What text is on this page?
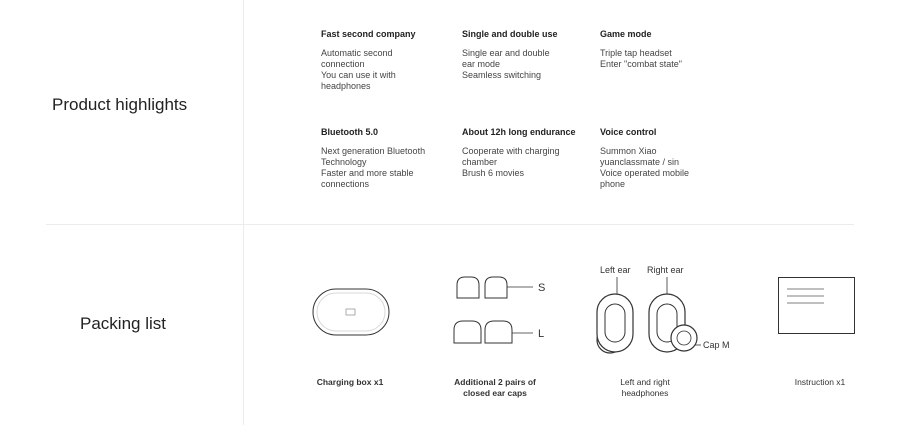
Product highlights
Fast second company

Automatic second
connection
You can use it with
headphones

Single and double use

Single ear and double
ear mode
Seamless switching

Game mode

Triple tap headset
Enter "combat state"

Bluetooth 5.0

Next generation Bluetooth
Technology
Faster and more stable
connections

About 12h long endurance

Cooperate with charging
chamber
Brush 6 movies

Voice control

Summon Xiao
yuanclassmate / sin
Voice operated mobile
phone

Packing list
Charging box x1
S
L
Additional 2 pairs of
closed ear caps
Left ear Right ear
Cap M
Left and right
headphones
Instruction x1
